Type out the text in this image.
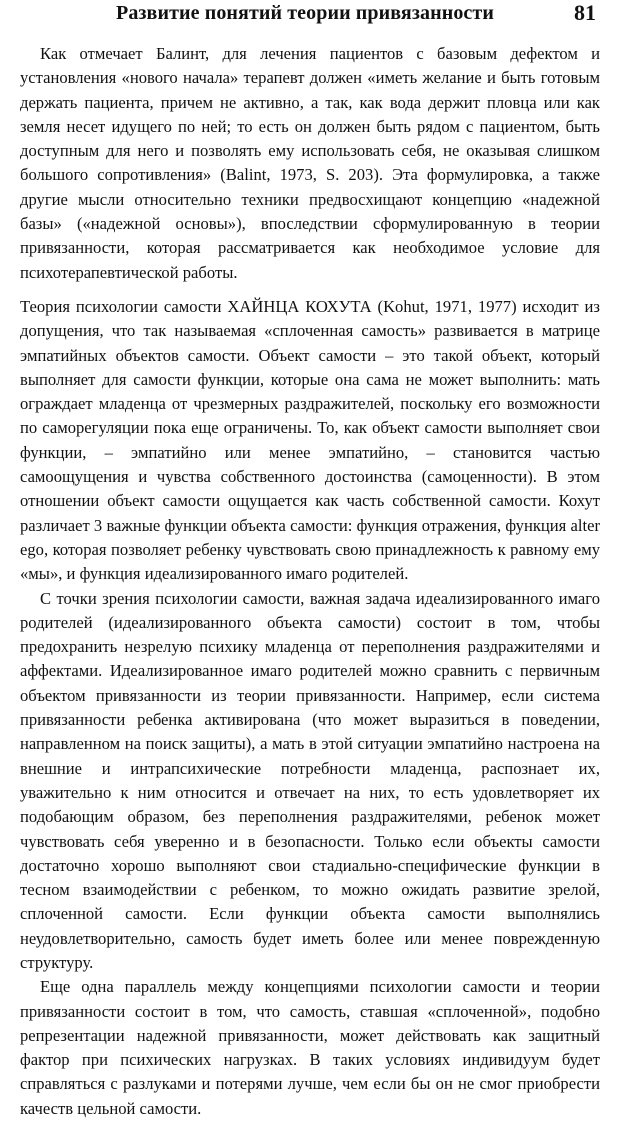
Развитие понятий теории привязанности	81

Как отмечает Балинт, для лечения пациентов с базовым дефектом и установления «нового начала» терапевт должен «иметь желание и быть готовым держать пациента, причем не активно, а так, как вода держит пловца или как земля несет идущего по ней; то есть он должен быть рядом с пациентом, быть доступным для него и позволять ему использовать себя, не оказывая слишком большого сопротивления» (Balint, 1973, S. 203). Эта формулировка, а также другие мысли относительно техники предвосхищают концепцию «надежной базы» («надежной основы»), впоследствии сформулированную в теории привязанности, которая рассматривается как необходимое условие для психотерапевтической работы.

Теория психологии самости ХАЙНЦА КОХУТА (Kohut, 1971, 1977) исходит из допущения, что так называемая «сплоченная самость» развивается в матрице эмпатийных объектов самости. Объект самости – это такой объект, который выполняет для самости функции, которые она сама не может выполнить: мать ограждает младенца от чрезмерных раздражителей, поскольку его возможности по саморегуляции пока еще ограничены. То, как объект самости выполняет свои функции, – эмпатийно или менее эмпатийно, – становится частью самоощущения и чувства собственного достоинства (самоценности). В этом отношении объект самости ощущается как часть собственной самости. Кохут различает 3 важные функции объекта самости: функция отражения, функция alter ego, которая позволяет ребенку чувствовать свою принадлежность к равному ему «мы», и функция идеализированного имаго родителей.

С точки зрения психологии самости, важная задача идеализированного имаго родителей (идеализированного объекта самости) состоит в том, чтобы предохранить незрелую психику младенца от переполнения раздражителями и аффектами. Идеализированное имаго родителей можно сравнить с первичным объектом привязанности из теории привязанности. Например, если система привязанности ребенка активирована (что может выразиться в поведении, направленном на поиск защиты), а мать в этой ситуации эмпатийно настроена на внешние и интрапсихические потребности младенца, распознает их, уважительно к ним относится и отвечает на них, то есть удовлетворяет их подобающим образом, без переполнения раздражителями, ребенок может чувствовать себя уверенно и в безопасности. Только если объекты самости достаточно хорошо выполняют свои стадиально-специфические функции в тесном взаимодействии с ребенком, то можно ожидать развитие зрелой, сплоченной самости. Если функции объекта самости выполнялись неудовлетворительно, самость будет иметь более или менее поврежденную структуру.

Еще одна параллель между концепциями психологии самости и теории привязанности состоит в том, что самость, ставшая «сплоченной», подобно репрезентации надежной привязанности, может действовать как защитный фактор при психических нагрузках. В таких условиях индивидуум будет справляться с разлуками и потерями лучше, чем если бы он не смог приобрести качеств цельной самости.
